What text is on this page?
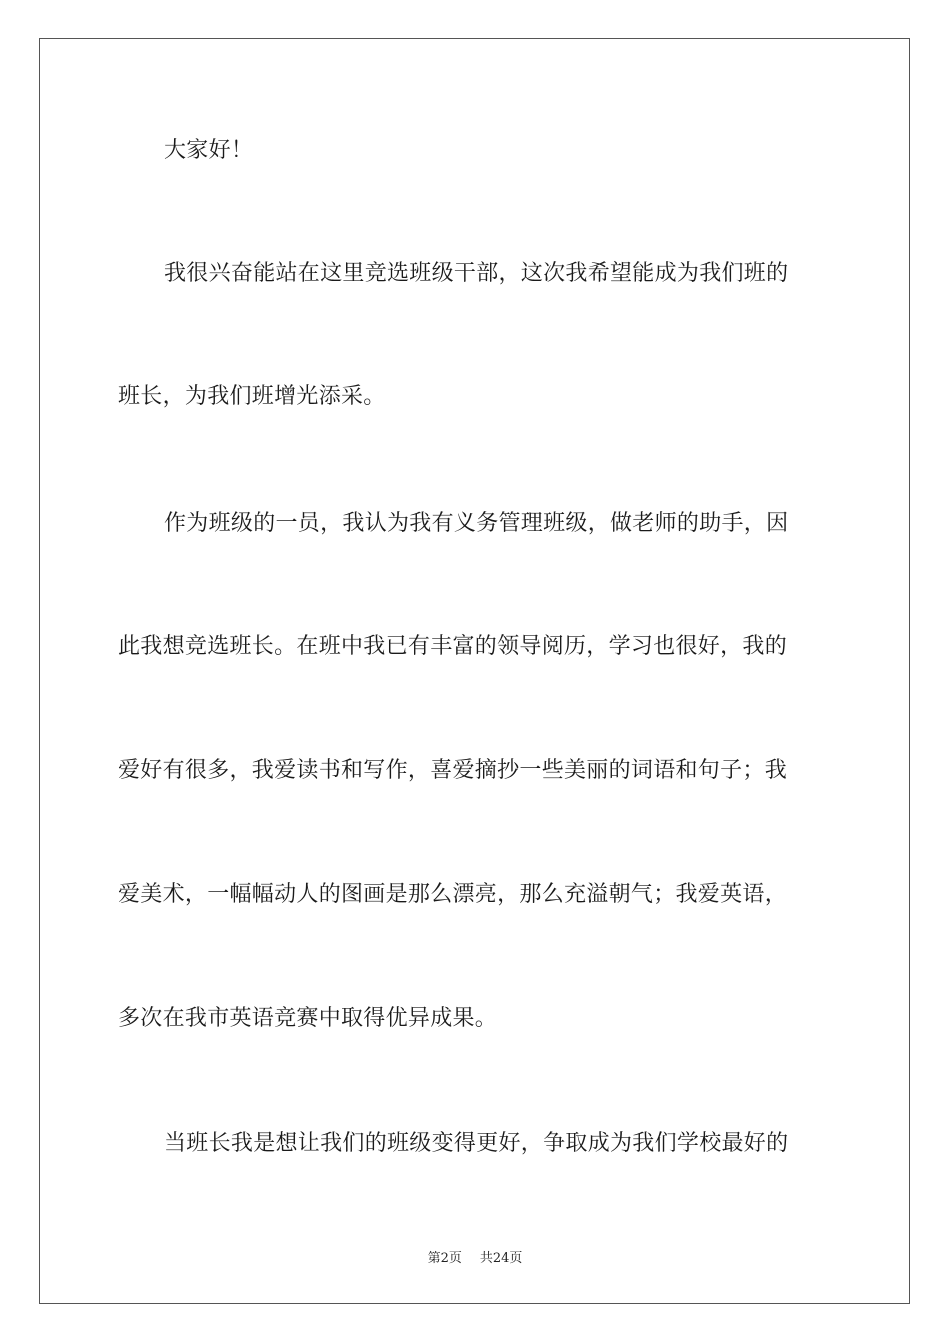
大家好！
我很兴奋能站在这里竞选班级干部，这次我希望能成为我们班的
班长，为我们班增光添采。
作为班级的一员，我认为我有义务管理班级，做老师的助手，因
此我想竞选班长。在班中我已有丰富的领导阅历，学习也很好，我的
爱好有很多，我爱读书和写作，喜爱摘抄一些美丽的词语和句子；我
爱美术，一幅幅动人的图画是那么漂亮，那么充溢朝气；我爱英语，
多次在我市英语竞赛中取得优异成果。
当班长我是想让我们的班级变得更好，争取成为我们学校最好的
第2页 共24页
